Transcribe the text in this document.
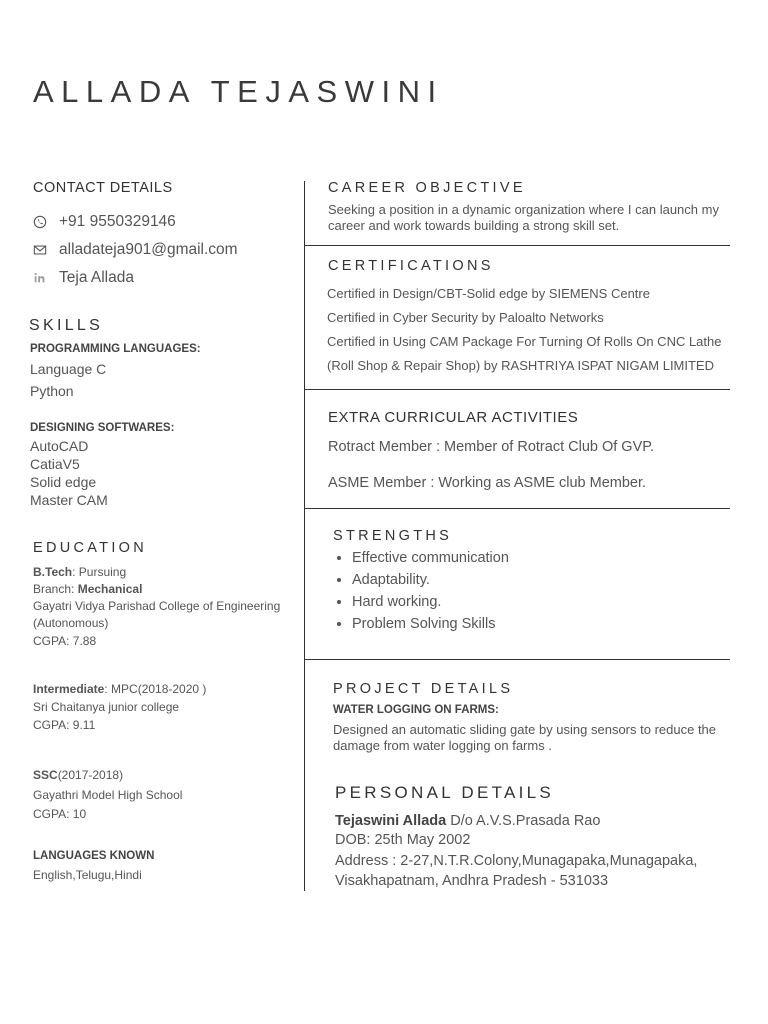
ALLADA TEJASWINI
CONTACT DETAILS
+91 9550329146
alladateja901@gmail.com
Teja Allada
SKILLS
PROGRAMMING LANGUAGES:
Language C
Python
DESIGNING SOFTWARES:
AutoCAD
CatiaV5
Solid edge
Master CAM
EDUCATION
B.Tech: Pursuing
Branch: Mechanical
Gayatri Vidya Parishad College of Engineering (Autonomous)
CGPA: 7.88
Intermediate: MPC(2018-2020 )
Sri Chaitanya junior college
CGPA: 9.11
SSC(2017-2018)
Gayathri Model High School
CGPA: 10
LANGUAGES KNOWN
English,Telugu,Hindi
CAREER OBJECTIVE
Seeking a position in a dynamic organization where I can launch my career and work towards building a strong skill set.
CERTIFICATIONS
Certified in Design/CBT-Solid edge by SIEMENS Centre
Certified in Cyber Security by Paloalto Networks
Certified in Using CAM Package For Turning Of Rolls On CNC Lathe
(Roll Shop & Repair Shop) by RASHTRIYA ISPAT NIGAM LIMITED
EXTRA CURRICULAR ACTIVITIES
Rotract Member : Member of Rotract Club Of GVP.
ASME Member : Working as ASME club Member.
STRENGTHS
• Effective communication
• Adaptability.
• Hard working.
• Problem Solving Skills
PROJECT DETAILS
WATER LOGGING ON FARMS:
Designed an automatic sliding gate by using sensors to reduce the damage from water logging on farms .
PERSONAL DETAILS
Tejaswini Allada D/o A.V.S.Prasada Rao
DOB: 25th May 2002
Address : 2-27,N.T.R.Colony,Munagapaka,Munagapaka, Visakhapatnam, Andhra Pradesh - 531033
